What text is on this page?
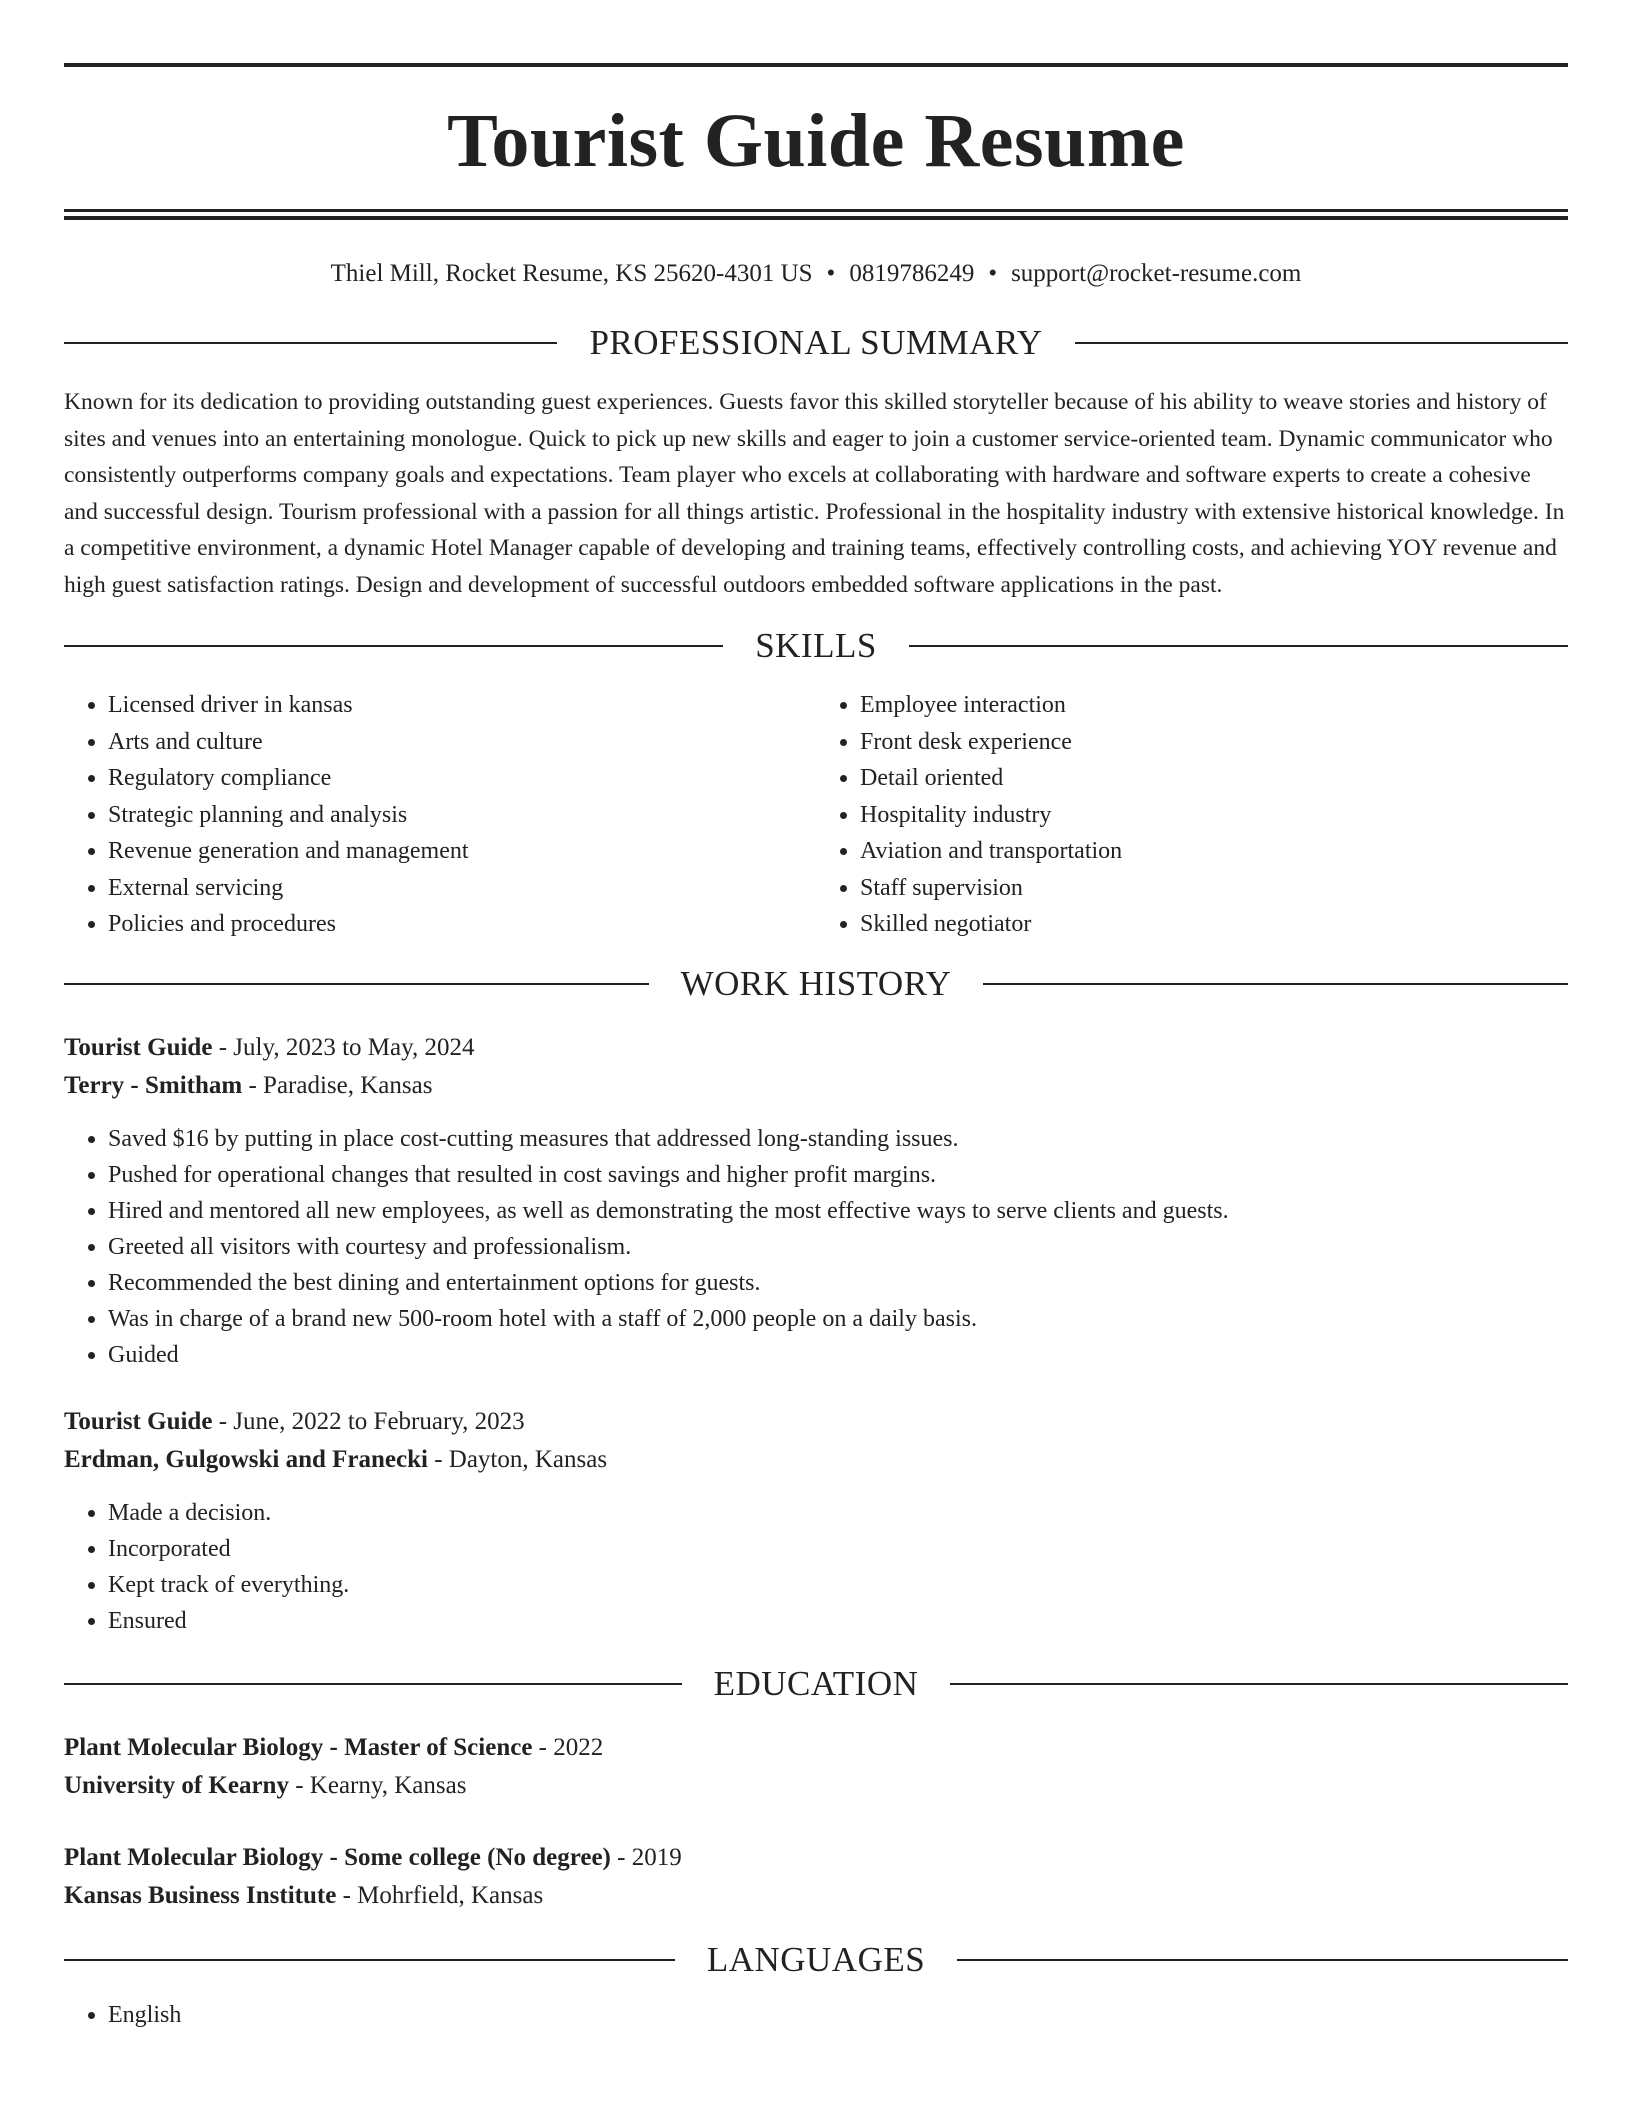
Tourist Guide Resume
Thiel Mill, Rocket Resume, KS 25620-4301 US • 0819786249 • support@rocket-resume.com
PROFESSIONAL SUMMARY

Known for its dedication to providing outstanding guest experiences. Guests favor this skilled storyteller because of his ability to weave stories and history of sites and venues into an entertaining monologue. Quick to pick up new skills and eager to join a customer service-oriented team. Dynamic communicator who consistently outperforms company goals and expectations. Team player who excels at collaborating with hardware and software experts to create a cohesive and successful design. Tourism professional with a passion for all things artistic. Professional in the hospitality industry with extensive historical knowledge. In a competitive environment, a dynamic Hotel Manager capable of developing and training teams, effectively controlling costs, and achieving YOY revenue and high guest satisfaction ratings. Design and development of successful outdoors embedded software applications in the past.

SKILLS
• Licensed driver in kansas
• Arts and culture
• Regulatory compliance
• Strategic planning and analysis
• Revenue generation and management
• External servicing
• Policies and procedures
• Employee interaction
• Front desk experience
• Detail oriented
• Hospitality industry
• Aviation and transportation
• Staff supervision
• Skilled negotiator
WORK HISTORY
Tourist Guide - July, 2023 to May, 2024
Terry - Smitham - Paradise, Kansas
• Saved $16 by putting in place cost-cutting measures that addressed long-standing issues.
• Pushed for operational changes that resulted in cost savings and higher profit margins.
• Hired and mentored all new employees, as well as demonstrating the most effective ways to serve clients and guests.
• Greeted all visitors with courtesy and professionalism.
• Recommended the best dining and entertainment options for guests.
• Was in charge of a brand new 500-room hotel with a staff of 2,000 people on a daily basis.
• Guided
Tourist Guide - June, 2022 to February, 2023
Erdman, Gulgowski and Franecki - Dayton, Kansas
• Made a decision.
• Incorporated
• Kept track of everything.
• Ensured
EDUCATION
Plant Molecular Biology - Master of Science - 2022
University of Kearny - Kearny, Kansas
Plant Molecular Biology - Some college (No degree) - 2019
Kansas Business Institute - Mohrfield, Kansas
LANGUAGES
• English
